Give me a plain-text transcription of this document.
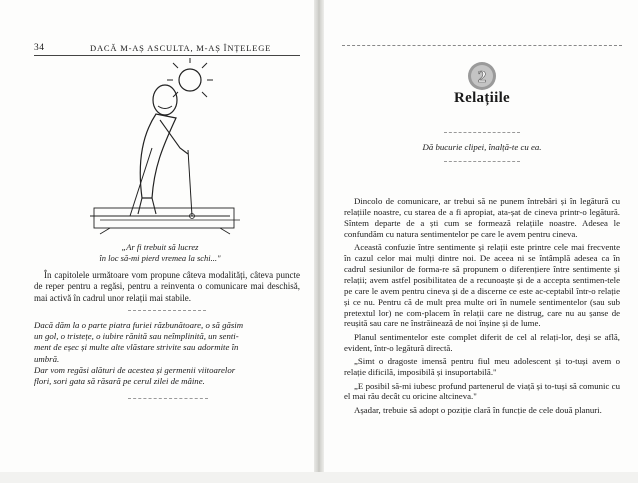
34	DACĂ M-AȘ ASCULTA, M-AȘ ÎNȚELEGE
„Ar fi trebuit să lucrez
în loc să-mi pierd vremea la schi..."

În capitolele următoare vom propune câteva modalități, câteva puncte de reper pentru a regăsi, pentru a reinventa o comunicare mai deschisă, mai activă în cadrul unor relații mai stabile.

Dacă dăm la o parte piatra furiei răzbunătoare, o să găsim
un gol, o tristețe, o iubire rănită sau neîmplinită, un senti-
ment de eșec și multe alte vlăstare strivite sau adormite în
umbră.
Dar vom regăsi alături de acestea și germenii viitoarelor
flori, sori gata să răsară pe cerul zilei de mâine.
2
Relațiile
Dă bucurie clipei, înalță-te cu ea.

Dincolo de comunicare, ar trebui să ne punem întrebări și în legătură cu relațiile noastre, cu starea de a fi apropiat, ata-șat de cineva printr-o legătură. Sîntem departe de a ști cum se formează relațiile noastre. Adesea le confundăm cu natura sentimentelor pe care le avem pentru cineva.

Această confuzie între sentimente și relații este printre cele mai frecvente în cazul celor mai mulți dintre noi. De aceea ni se întâmplă adesea ca în cadrul sesiunilor de forma-re să propunem o diferențiere între sentimente și relații; avem astfel posibilitatea de a recunoaște și de a accepta sentimen-tele pe care le avem pentru cineva și de a discerne ce este ac-ceptabil într-o relație și ce nu. Pentru că de mult prea multe ori în numele sentimentelor (sau sub pretextul lor) ne com-placem în relații care ne distrug, care nu au șanse de reușită sau care ne înstrăinează de noi înșine și de lume.

Planul sentimentelor este complet diferit de cel al relați-lor, deși se află, evident, într-o legătură directă.

„Simt o dragoste imensă pentru fiul meu adolescent și to-tuși avem o relație dificilă, imposibilă și insuportabilă."

„E posibil să-mi iubesc profund partenerul de viață și to-tuși să comunic cu el mai rău decât cu oricine altcineva."

Așadar, trebuie să adopt o poziție clară în funcție de cele două planuri.
